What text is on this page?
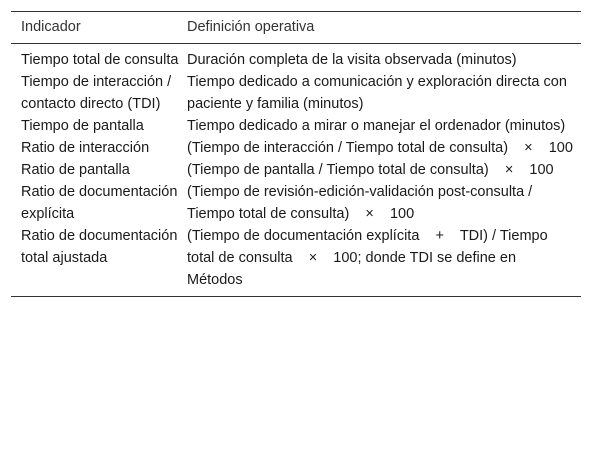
Indicador	Definición operativa
Tiempo total de consulta	Duración completa de la visita observada (minutos)
Tiempo de interacción / contacto directo (TDI)	Tiempo dedicado a comunicación y exploración directa con paciente y familia (minutos)
Tiempo de pantalla	Tiempo dedicado a mirar o manejar el ordenador (minutos)
Ratio de interacción	(Tiempo de interacción / Tiempo total de consulta)    ×    100
Ratio de pantalla	(Tiempo de pantalla / Tiempo total de consulta)    ×    100
Ratio de documentación explícita	(Tiempo de revisión-edición-validación post-consulta / Tiempo total de consulta)    ×    100
Ratio de documentación total ajustada	(Tiempo de documentación explícita    +    TDI) / Tiempo total de consulta    ×    100; donde TDI se define en Métodos
